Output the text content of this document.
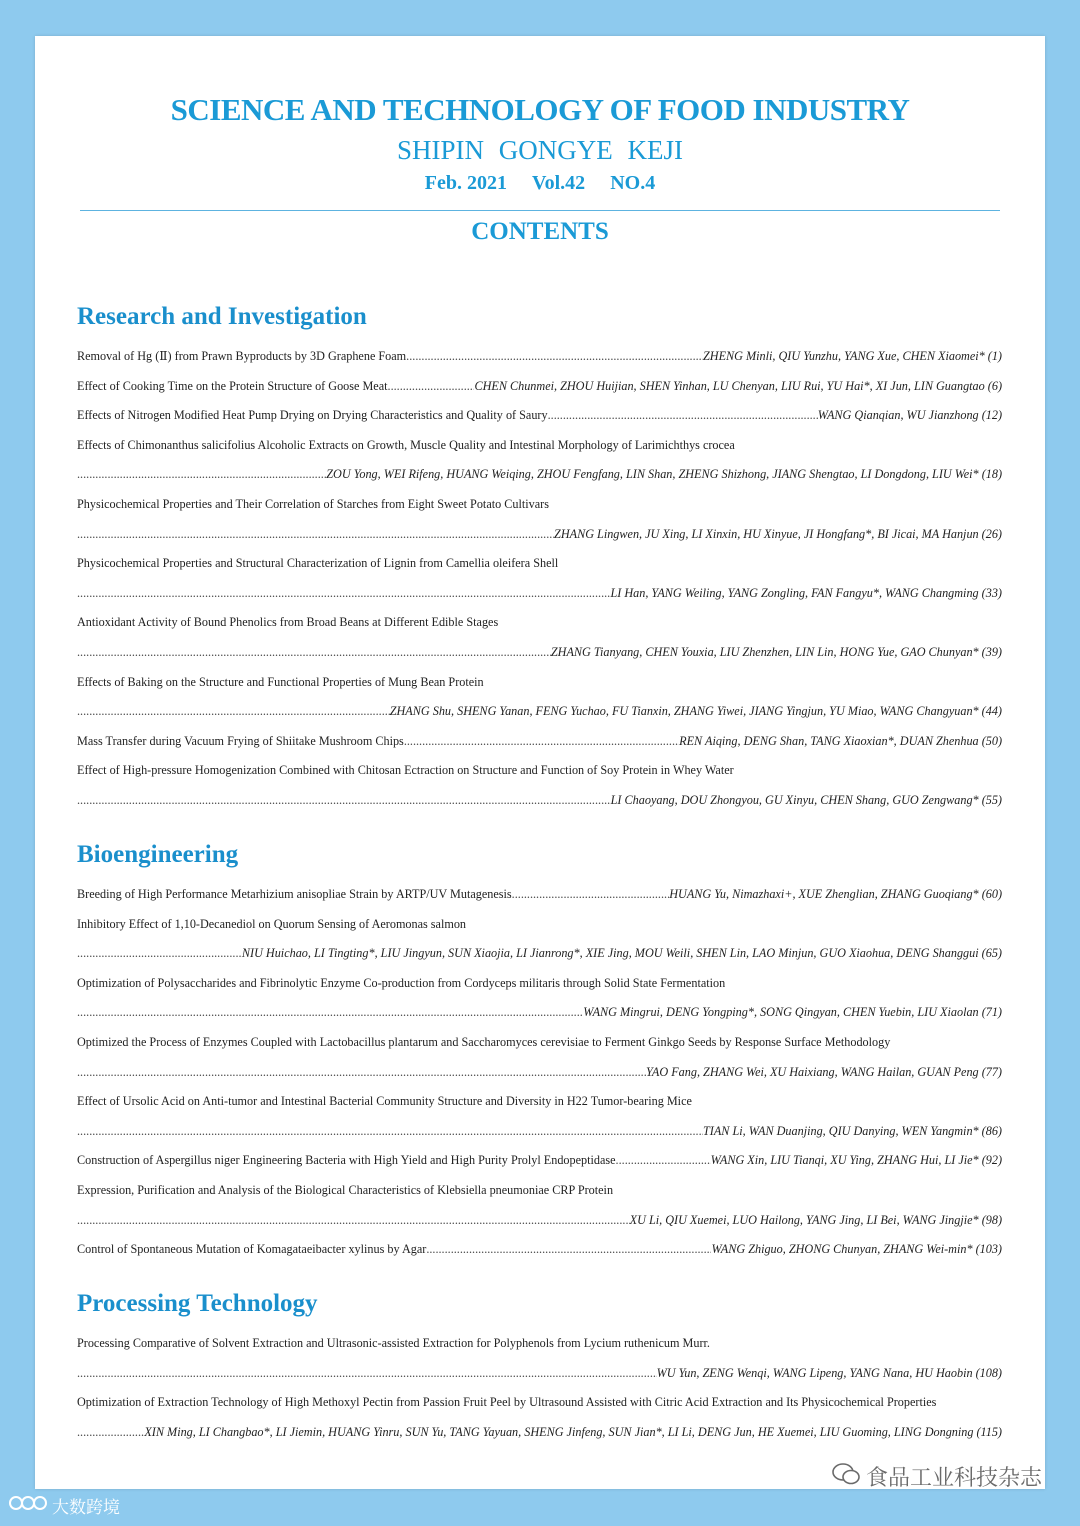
SCIENCE AND TECHNOLOGY OF FOOD INDUSTRY
SHIPIN GONGYE KEJI
Feb. 2021 Vol.42 NO.4
CONTENTS
Research and Investigation
Removal of Hg (Ⅱ) from Prawn Byproducts by 3D Graphene Foam .....	ZHENG Minli, QIU Yunzhu, YANG Xue, CHEN Xiaomei* (1)
Effect of Cooking Time on the Protein Structure of Goose Meat .....	CHEN Chunmei, ZHOU Huijian, SHEN Yinhan, LU Chenyan, LIU Rui, YU Hai*, XI Jun, LIN Guangtao (6)
Effects of Nitrogen Modified Heat Pump Drying on Drying Characteristics and Quality of Saury .....	WANG Qianqian, WU Jianzhong (12)
Effects of Chimonanthus salicifolius Alcoholic Extracts on Growth, Muscle Quality and Intestinal Morphology of Larimichthys crocea
.....
ZOU Yong, WEI Rifeng, HUANG Weiqing, ZHOU Fengfang, LIN Shan, ZHENG Shizhong, JIANG Shengtao, LI Dongdong, LIU Wei* (18)
Physicochemical Properties and Their Correlation of Starches from Eight Sweet Potato Cultivars
.....
ZHANG Lingwen, JU Xing, LI Xinxin, HU Xinyue, JI Hongfang*, BI Jicai, MA Hanjun (26)
Physicochemical Properties and Structural Characterization of Lignin from Camellia oleifera Shell
.....
LI Han, YANG Weiling, YANG Zongling, FAN Fangyu*, WANG Changming (33)
Antioxidant Activity of Bound Phenolics from Broad Beans at Different Edible Stages
.....
ZHANG Tianyang, CHEN Youxia, LIU Zhenzhen, LIN Lin, HONG Yue, GAO Chunyan* (39)
Effects of Baking on the Structure and Functional Properties of Mung Bean Protein
.....
ZHANG Shu, SHENG Yanan, FENG Yuchao, FU Tianxin, ZHANG Yiwei, JIANG Yingjun, YU Miao, WANG Changyuan* (44)
Mass Transfer during Vacuum Frying of Shiitake Mushroom Chips .....	REN Aiqing, DENG Shan, TANG Xiaoxian*, DUAN Zhenhua (50)
Effect of High-pressure Homogenization Combined with Chitosan Ectraction on Structure and Function of Soy Protein in Whey Water
.....
LI Chaoyang, DOU Zhongyou, GU Xinyu, CHEN Shang, GUO Zengwang* (55)
Bioengineering
Breeding of High Performance Metarhizium anisopliae Strain by ARTP/UV Mutagenesis .....	HUANG Yu, Nimazhaxi+, XUE Zhenglian, ZHANG Guoqiang* (60)
Inhibitory Effect of 1,10-Decanediol on Quorum Sensing of Aeromonas salmon
.....
NIU Huichao, LI Tingting*, LIU Jingyun, SUN Xiaojia, LI Jianrong*, XIE Jing, MOU Weili, SHEN Lin, LAO Minjun, GUO Xiaohua, DENG Shanggui (65)
Optimization of Polysaccharides and Fibrinolytic Enzyme Co-production from Cordyceps militaris through Solid State Fermentation
.....
WANG Mingrui, DENG Yongping*, SONG Qingyan, CHEN Yuebin, LIU Xiaolan (71)
Optimized the Process of Enzymes Coupled with Lactobacillus plantarum and Saccharomyces cerevisiae to Ferment Ginkgo Seeds by Response Surface Methodology
.....
YAO Fang, ZHANG Wei, XU Haixiang, WANG Hailan, GUAN Peng (77)
Effect of Ursolic Acid on Anti-tumor and Intestinal Bacterial Community Structure and Diversity in H22 Tumor-bearing Mice
.....
TIAN Li, WAN Duanjing, QIU Danying, WEN Yangmin* (86)
Construction of Aspergillus niger Engineering Bacteria with High Yield and High Purity Prolyl Endopeptidase .....	WANG Xin, LIU Tianqi, XU Ying, ZHANG Hui, LI Jie* (92)
Expression, Purification and Analysis of the Biological Characteristics of Klebsiella pneumoniae CRP Protein
.....
XU Li, QIU Xuemei, LUO Hailong, YANG Jing, LI Bei, WANG Jingjie* (98)
Control of Spontaneous Mutation of Komagataeibacter xylinus by Agar .....	WANG Zhiguo, ZHONG Chunyan, ZHANG Wei-min* (103)
Processing Technology
Processing Comparative of Solvent Extraction and Ultrasonic-assisted Extraction for Polyphenols from Lycium ruthenicum Murr.
.....
WU Yun, ZENG Wenqi, WANG Lipeng, YANG Nana, HU Haobin (108)
Optimization of Extraction Technology of High Methoxyl Pectin from Passion Fruit Peel by Ultrasound Assisted with Citric Acid Extraction and Its Physicochemical Properties
.....
XIN Ming, LI Changbao*, LI Jiemin, HUANG Yinru, SUN Yu, TANG Yayuan, SHENG Jinfeng, SUN Jian*, LI Li, DENG Jun, HE Xuemei, LIU Guoming, LING Dongning (115)
食品工业科技杂志
大数跨境
